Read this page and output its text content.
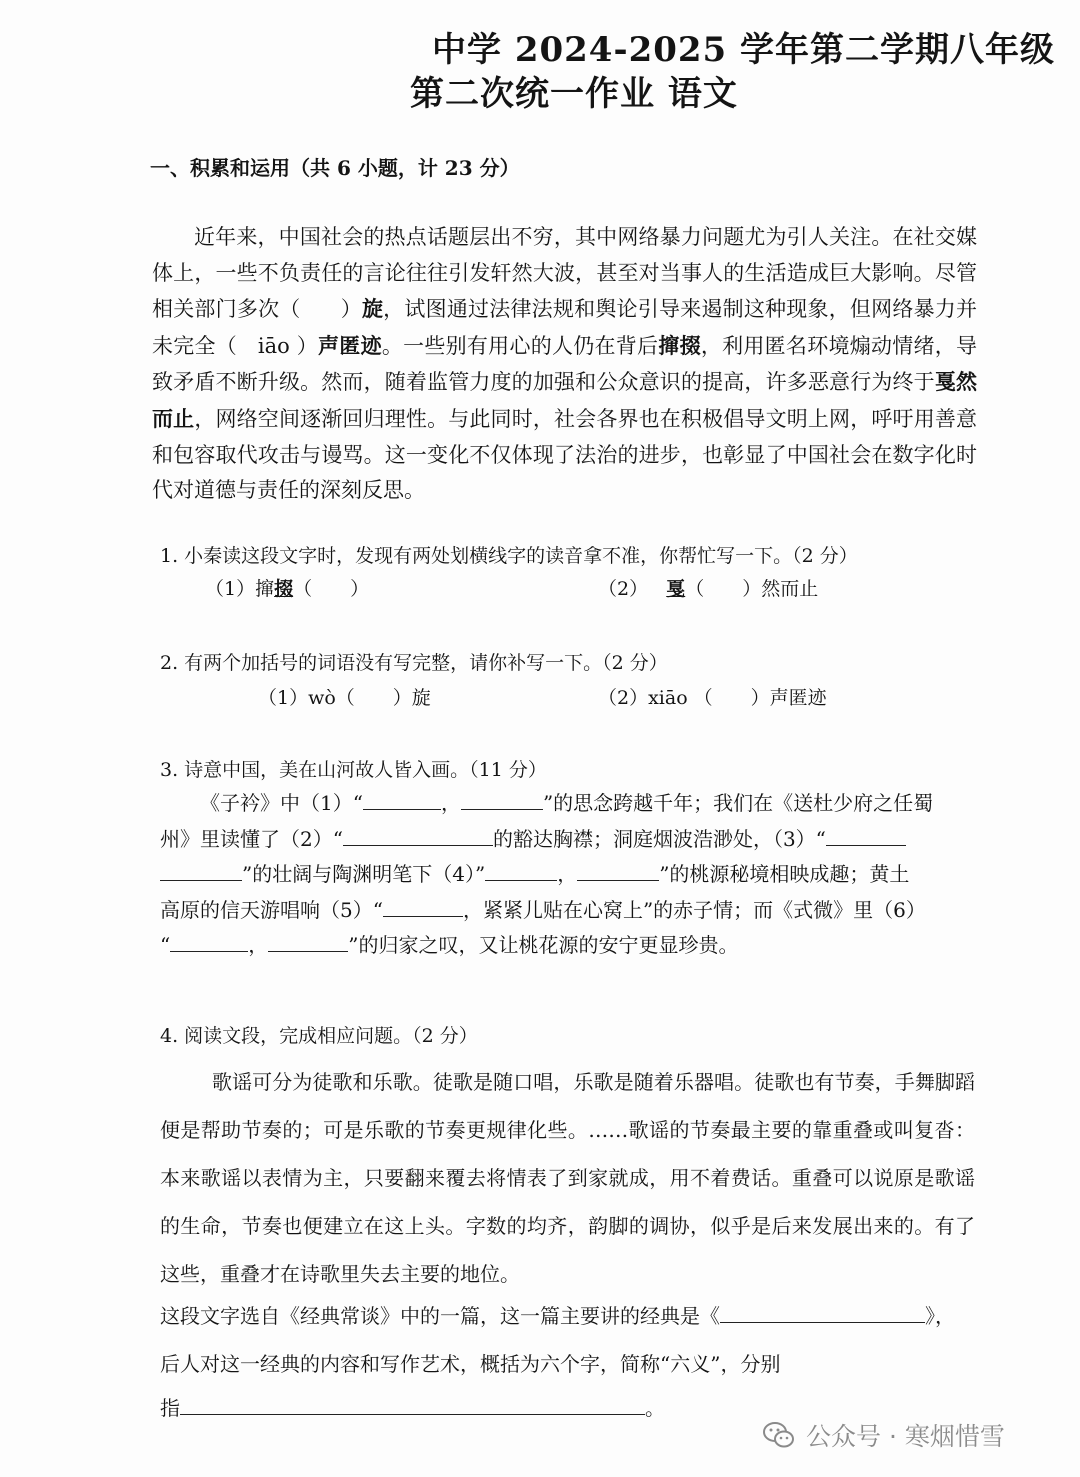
中学 2024-2025 学年第二学期八年级
第二次统一作业 语文
一、积累和运用（共 6 小题，计 23 分）

近年来，中国社会的热点话题层出不穷，其中网络暴力问题尤为引人关注。在社交媒体上，一些不负责任的言论往往引发轩然大波，甚至对当事人的生活造成巨大影响。尽管相关部门多次（ ）旋，试图通过法律法规和舆论引导来遏制这种现象，但网络暴力并未完全（ iāo ）声匿迹。一些别有用心的人仍在背后撺掇，利用匿名环境煽动情绪，导致矛盾不断升级。然而，随着监管力度的加强和公众意识的提高，许多恶意行为终于戛然而止，网络空间逐渐回归理性。与此同时，社会各界也在积极倡导文明上网，呼吁用善意和包容取代攻击与谩骂。这一变化不仅体现了法治的进步，也彰显了中国社会在数字化时代对道德与责任的深刻反思。

1. 小秦读这段文字时，发现有两处划横线字的读音拿不准，你帮忙写一下。（2 分）
（1）撺掇（　　）	（2） 戛（　　）然而止
2. 有两个加括号的词语没有写完整，请你补写一下。（2 分）
（1）wò（　　）旋	（2）xiāo （　　）声匿迹
3. 诗意中国，美在山河故人皆入画。（11 分）

《子衿》中（1）“	，	”的思念跨越千年；我们在《送杜少府之任蜀

州》里读懂了（2）“	的豁达胸襟；洞庭烟波浩渺处，（3）“

”的壮阔与陶渊明笔下（4）”	，	”的桃源秘境相映成趣；黄土

高原的信天游唱响（5）“	，紧紧儿贴在心窝上”的赤子情；而《式微》里（6）

“	，	”的归家之叹，又让桃花源的安宁更显珍贵。

4. 阅读文段，完成相应问题。（2 分）

歌谣可分为徒歌和乐歌。徒歌是随口唱，乐歌是随着乐器唱。徒歌也有节奏，手舞脚蹈便是帮助节奏的；可是乐歌的节奏更规律化些。……歌谣的节奏最主要的靠重叠或叫复沓：本来歌谣以表情为主，只要翻来覆去将情表了到家就成，用不着费话。重叠可以说原是歌谣的生命，节奏也便建立在这上头。字数的均齐，韵脚的调协，似乎是后来发展出来的。有了这些，重叠才在诗歌里失去主要的地位。

这段文字选自《经典常谈》中的一篇，这一篇主要讲的经典是《	》，
后人对这一经典的内容和写作艺术，概括为六个字，简称“六义”，分别
指	。
公众号 · 寒烟惜雪
